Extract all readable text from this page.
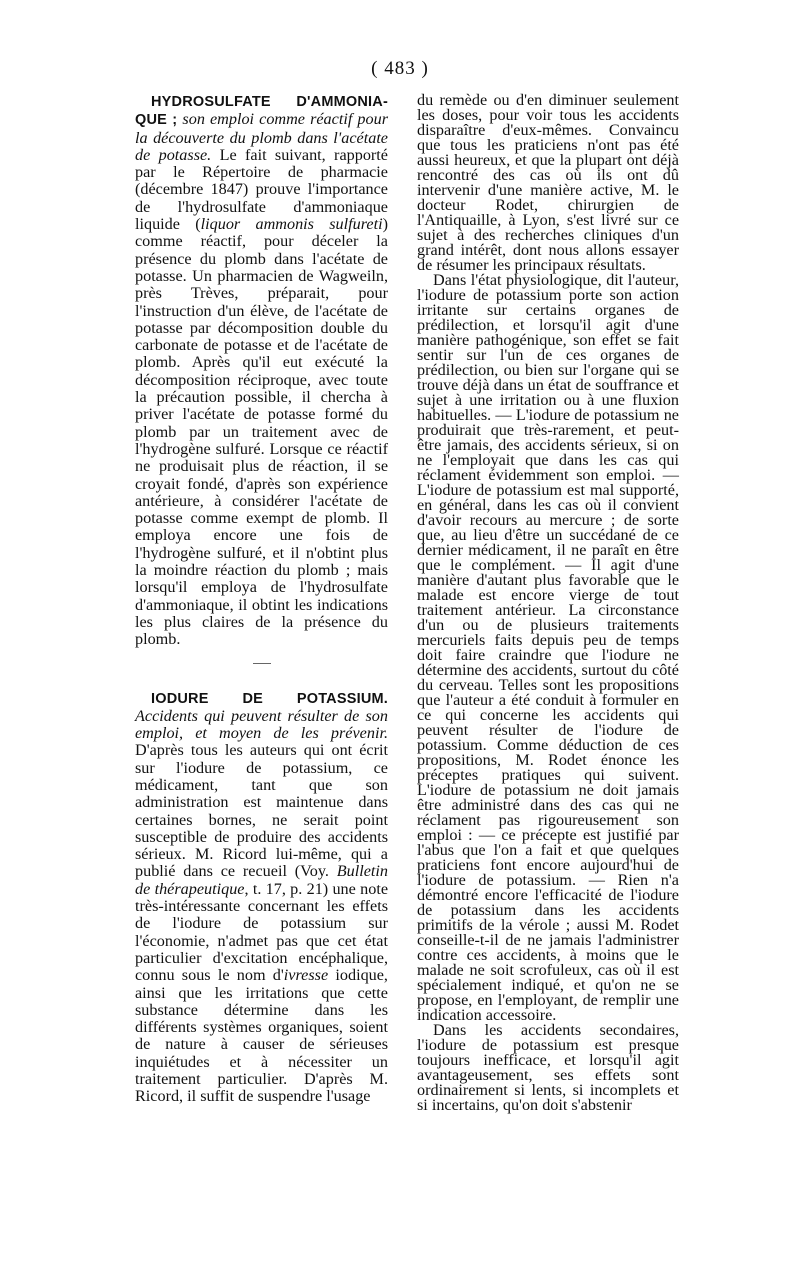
( 483 )

HYDROSULFATE D'AMMONIA-QUE ; son emploi comme réactif pour la découverte du plomb dans l'acétate de potasse. Le fait suivant, rapporté par le Répertoire de pharmacie (décembre 1847) prouve l'importance de l'hydrosulfate d'ammoniaque liquide (liquor ammonis sulfureti) comme réactif, pour déceler la présence du plomb dans l'acétate de potasse. Un pharmacien de Wagweiln, près Trèves, préparait, pour l'instruction d'un élève, de l'acétate de potasse par décomposition double du carbonate de potasse et de l'acétate de plomb. Après qu'il eut exécuté la décomposition réciproque, avec toute la précaution possible, il chercha à priver l'acétate de potasse formé du plomb par un traitement avec de l'hydrogène sulfuré. Lorsque ce réactif ne produisait plus de réaction, il se croyait fondé, d'après son expérience antérieure, à considérer l'acétate de potasse comme exempt de plomb. Il employa encore une fois de l'hydrogène sulfuré, et il n'obtint plus la moindre réaction du plomb ; mais lorsqu'il employa de l'hydrosulfate d'ammoniaque, il obtint les indications les plus claires de la présence du plomb.

IODURE DE POTASSIUM. Accidents qui peuvent résulter de son emploi, et moyen de les prévenir. D'après tous les auteurs qui ont écrit sur l'iodure de potassium, ce médicament, tant que son administration est maintenue dans certaines bornes, ne serait point susceptible de produire des accidents sérieux. M. Ricord lui-même, qui a publié dans ce recueil (Voy. Bulletin de thérapeutique, t. 17, p. 21) une note très-intéressante concernant les effets de l'iodure de potassium sur l'économie, n'admet pas que cet état particulier d'excitation encéphalique, connu sous le nom d'ivresse iodique, ainsi que les irritations que cette substance détermine dans les différents systèmes organiques, soient de nature à causer de sérieuses inquiétudes et à nécessiter un traitement particulier. D'après M. Ricord, il suffit de suspendre l'usage

du remède ou d'en diminuer seulement les doses, pour voir tous les accidents disparaître d'eux-mêmes. Convaincu que tous les praticiens n'ont pas été aussi heureux, et que la plupart ont déjà rencontré des cas où ils ont dû intervenir d'une manière active, M. le docteur Rodet, chirurgien de l'Antiquaille, à Lyon, s'est livré sur ce sujet à des recherches cliniques d'un grand intérêt, dont nous allons essayer de résumer les principaux résultats.

Dans l'état physiologique, dit l'auteur, l'iodure de potassium porte son action irritante sur certains organes de prédilection, et lorsqu'il agit d'une manière pathogénique, son effet se fait sentir sur l'un de ces organes de prédilection, ou bien sur l'organe qui se trouve déjà dans un état de souffrance et sujet à une irritation ou à une fluxion habituelles. — L'iodure de potassium ne produirait que très-rarement, et peut-être jamais, des accidents sérieux, si on ne l'employait que dans les cas qui réclament évidemment son emploi. — L'iodure de potassium est mal supporté, en général, dans les cas où il convient d'avoir recours au mercure ; de sorte que, au lieu d'être un succédané de ce dernier médicament, il ne paraît en être que le complément. — Il agit d'une manière d'autant plus favorable que le malade est encore vierge de tout traitement antérieur. La circonstance d'un ou de plusieurs traitements mercuriels faits depuis peu de temps doit faire craindre que l'iodure ne détermine des accidents, surtout du côté du cerveau. Telles sont les propositions que l'auteur a été conduit à formuler en ce qui concerne les accidents qui peuvent résulter de l'iodure de potassium. Comme déduction de ces propositions, M. Rodet énonce les préceptes pratiques qui suivent. L'iodure de potassium ne doit jamais être administré dans des cas qui ne réclament pas rigoureusement son emploi : — ce précepte est justifié par l'abus que l'on a fait et que quelques praticiens font encore aujourd'hui de l'iodure de potassium. — Rien n'a démontré encore l'efficacité de l'iodure de potassium dans les accidents primitifs de la vérole ; aussi M. Rodet conseille-t-il de ne jamais l'administrer contre ces accidents, à moins que le malade ne soit scrofuleux, cas où il est spécialement indiqué, et qu'on ne se propose, en l'employant, de remplir une indication accessoire.

Dans les accidents secondaires, l'iodure de potassium est presque toujours inefficace, et lorsqu'il agit avantageusement, ses effets sont ordinairement si lents, si incomplets et si incertains, qu'on doit s'abstenir
